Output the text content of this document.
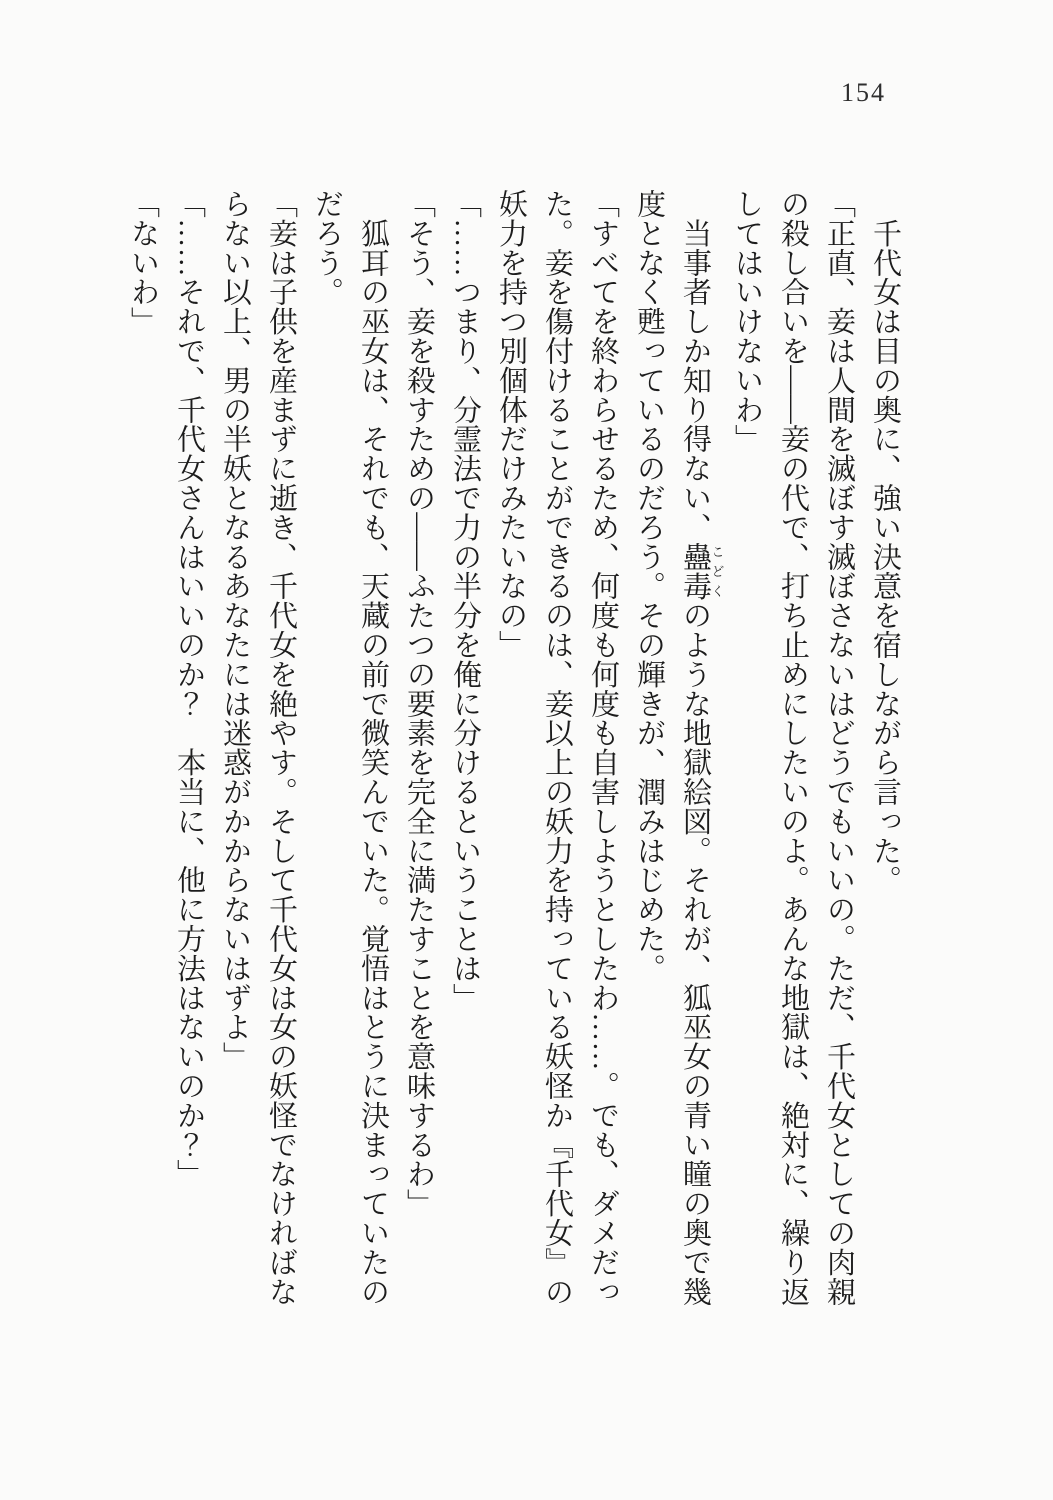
154

　千代女は目の奥に、強い決意を宿しながら言った。

「正直、妾は人間を滅ぼす滅ぼさないはどうでもいいの。ただ、千代女としての肉親

の殺し合いを――妾の代で、打ち止めにしたいのよ。あんな地獄は、絶対に、繰り返

してはいけないわ」

　当事者しか知り得ない、蠱毒こどくのような地獄絵図。それが、狐巫女の青い瞳の奥で幾

度となく甦っているのだろう。その輝きが、潤みはじめた。

「すべてを終わらせるため、何度も何度も自害しようとしたわ……。でも、ダメだっ

た。妾を傷付けることができるのは、妾以上の妖力を持っている妖怪か『千代女』の

妖力を持つ別個体だけみたいなの」

「……つまり、分霊法で力の半分を俺に分けるということは」

「そう、妾を殺すための――ふたつの要素を完全に満たすことを意味するわ」

　狐耳の巫女は、それでも、天蔵の前で微笑んでいた。覚悟はとうに決まっていたの

だろう。

「妾は子供を産まずに逝き、千代女を絶やす。そして千代女は女の妖怪でなければな

らない以上、男の半妖となるあなたには迷惑がかからないはずよ」

「……それで、千代女さんはいいのか？　本当に、他に方法はないのか？」

「ないわ」
